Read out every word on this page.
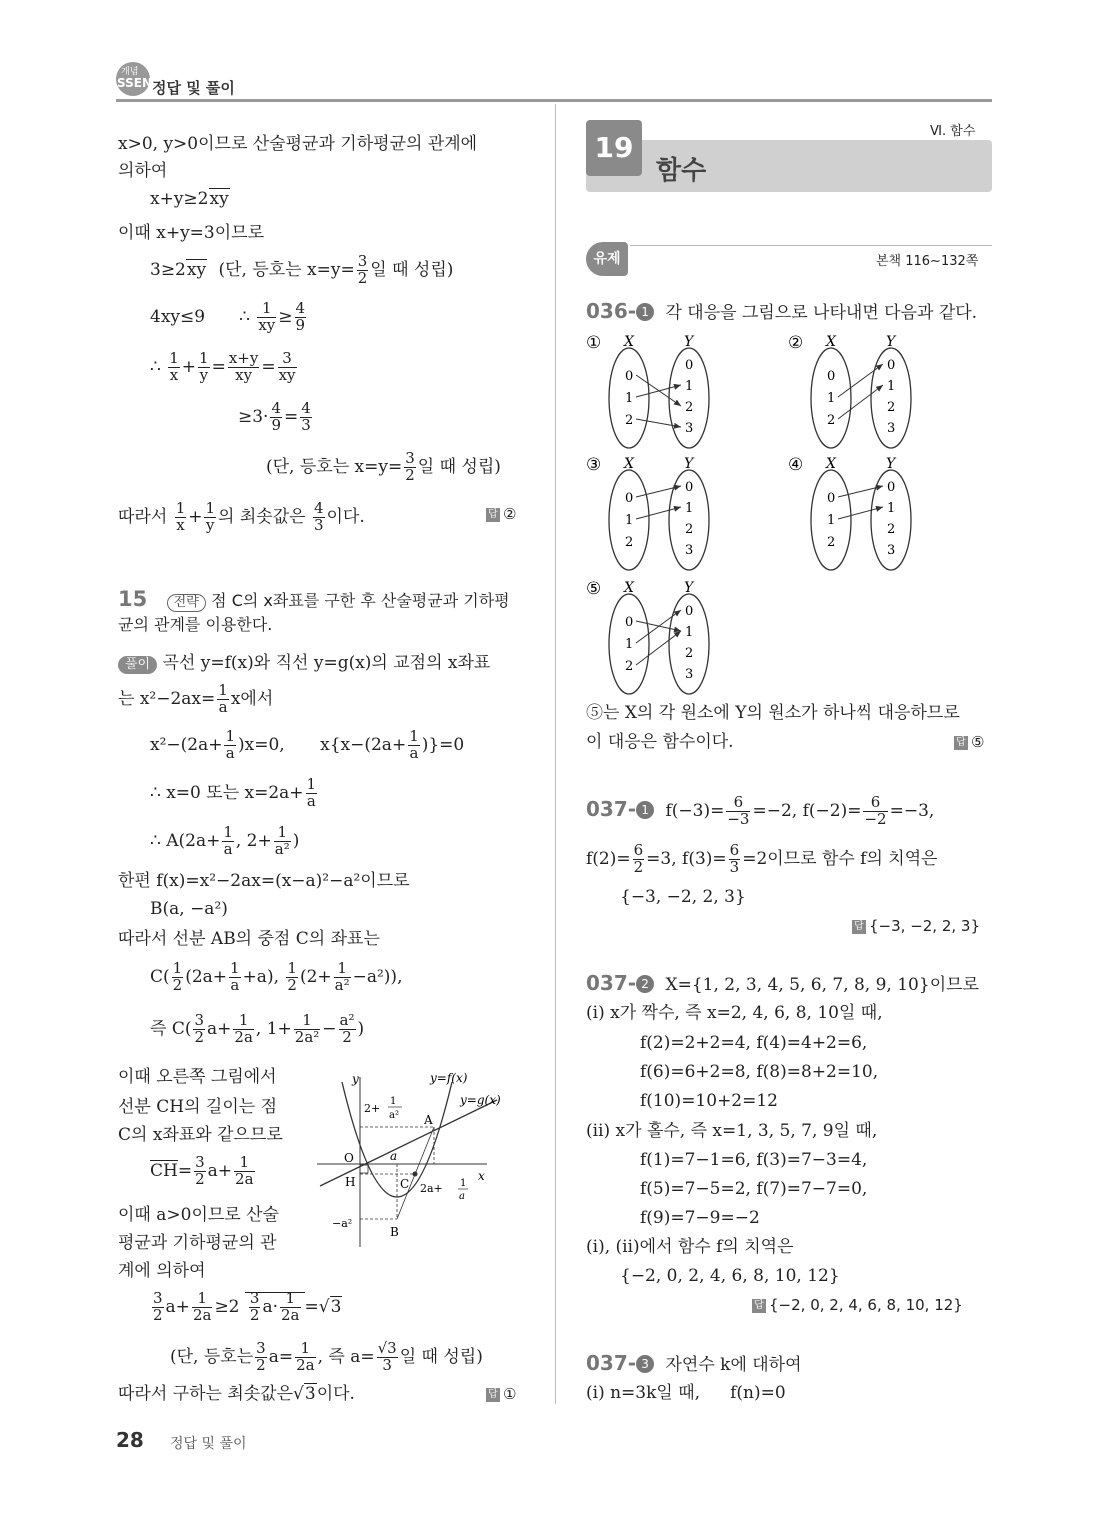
개념
SSEN 정답 및 풀이
x>0, y>0이므로 산술평균과 기하평균의 관계에
의하여
x+y≥2xy
이때 x+y=3이므로
3≥2xy (단, 등호는 $x=y= \frac{3}{2}$ 일 때 성립)
4xy≤9 ∴ $\frac{1}{xy} \ge \frac{4}{9}$
∴ $\frac{1}{x} + \frac{1}{y} = \frac{x+y}{xy} = \frac{3}{xy}$
$\ge 3\cdot \frac{4}{9} = \frac{4}{3}$
(단, 등호는 $x=y= \frac{3}{2}$ 일 때 성립)
따라서 $\frac{1}{x} + \frac{1}{y}$ 의 최솟값은 $\frac{4}{3}$ 이다.	답 ②
15 전략 점 C의 x좌표를 구한 후 산술평균과 기하평
균의 관계를 이용한다.
풀이 곡선 y=f(x)와 직선 y=g(x)의 교점의 x좌표
는 $x^2-2ax= \frac{1}{a}$ x에서
$x^2-(2a+ \frac{1}{a} )x=0$, $x\{x-(2a+ \frac{1}{a} )\}=0$
∴ x=0 또는 $x=2a+ \frac{1}{a}$
∴ $A(2a+ \frac{1}{a}$ , $2+ \frac{1}{\text{a²}}$ )
한편 f(x)=x²−2ax=(x−a)²−a²이므로
B(a, −a²)
따라서 선분 AB의 중점 C의 좌표는
$C( \frac{1}{2} (2a+ \frac{1}{a} +a)$, $\frac{1}{2} (2+ \frac{1}{\text{a²}} -a^2)$),
즉 $C( \frac{3}{2} a+ \frac{1}{2a}$ , $1+ \frac{1}{\text{2a²}} - \frac{\text{a²}}{2}$ )
이때 오른쪽 그림에서
선분 CH의 길이는 점
C의 x좌표와 같으므로
$CH= \frac{3}{2} a+ \frac{1}{2a}$
이때 a>0이므로 산술
평균과 기하평균의 관
계에 의하여
$\frac{3}{2} a+ \frac{1}{2a} \ge 2 \frac{3}{2} a\cdot \frac{1}{2a} =√3$
(단, 등호는 $\frac{3}{2} a= \frac{1}{2a}$ , 즉 $a= \frac{√3}{3}$ 일 때 성립)
따라서 구하는 최솟값은√3이다.	답 ①
y
x
y=f(x)
y=g(x)
O
A
B
C
H
a
−a²
2+
1
a²
2a+ 1
a
Ⅵ. 함수
19
함수
유제	본책 116~132쪽
036- 1 각 대응을 그림으로 나타내면 다음과 같다.
① X	Y
0
1
2
0
1
2
3
② X	Y
0
1
2
0
1
2
3
③ X	Y
0
1
2
0
1
2
3
④ X	Y
0
1
2
0
1
2
3
⑤ X	Y
0
1
2
0
1
2
3
⑤는 X의 각 원소에 Y의 원소가 하나씩 대응하므로
이 대응은 함수이다.	답 ⑤
037- 1 $f(-3)= \frac{6}{-3} =-2$, $f(-2)= \frac{6}{-2} =-3$,
$f(2)= \frac{6}{2} =3$, $f(3)= \frac{6}{3} =2$이므로 함수 f의 치역은
{−3, −2, 2, 3}
답 {−3, −2, 2, 3}
037- 2 X={1, 2, 3, 4, 5, 6, 7, 8, 9, 10}이므로
(ⅰ) x가 짝수, 즉 x=2, 4, 6, 8, 10일 때,
f(2)=2+2=4, f(4)=4+2=6,
f(6)=6+2=8, f(8)=8+2=10,
f(10)=10+2=12
(ⅱ) x가 홀수, 즉 x=1, 3, 5, 7, 9일 때,
f(1)=7−1=6, f(3)=7−3=4,
f(5)=7−5=2, f(7)=7−7=0,
f(9)=7−9=−2
(ⅰ), (ⅱ)에서 함수 f의 치역은
{−2, 0, 2, 4, 6, 8, 10, 12}
답 {−2, 0, 2, 4, 6, 8, 10, 12}
037- 3 자연수 k에 대하여
(ⅰ) n=3k일 때, f(n)=0
28 정답 및 풀이
